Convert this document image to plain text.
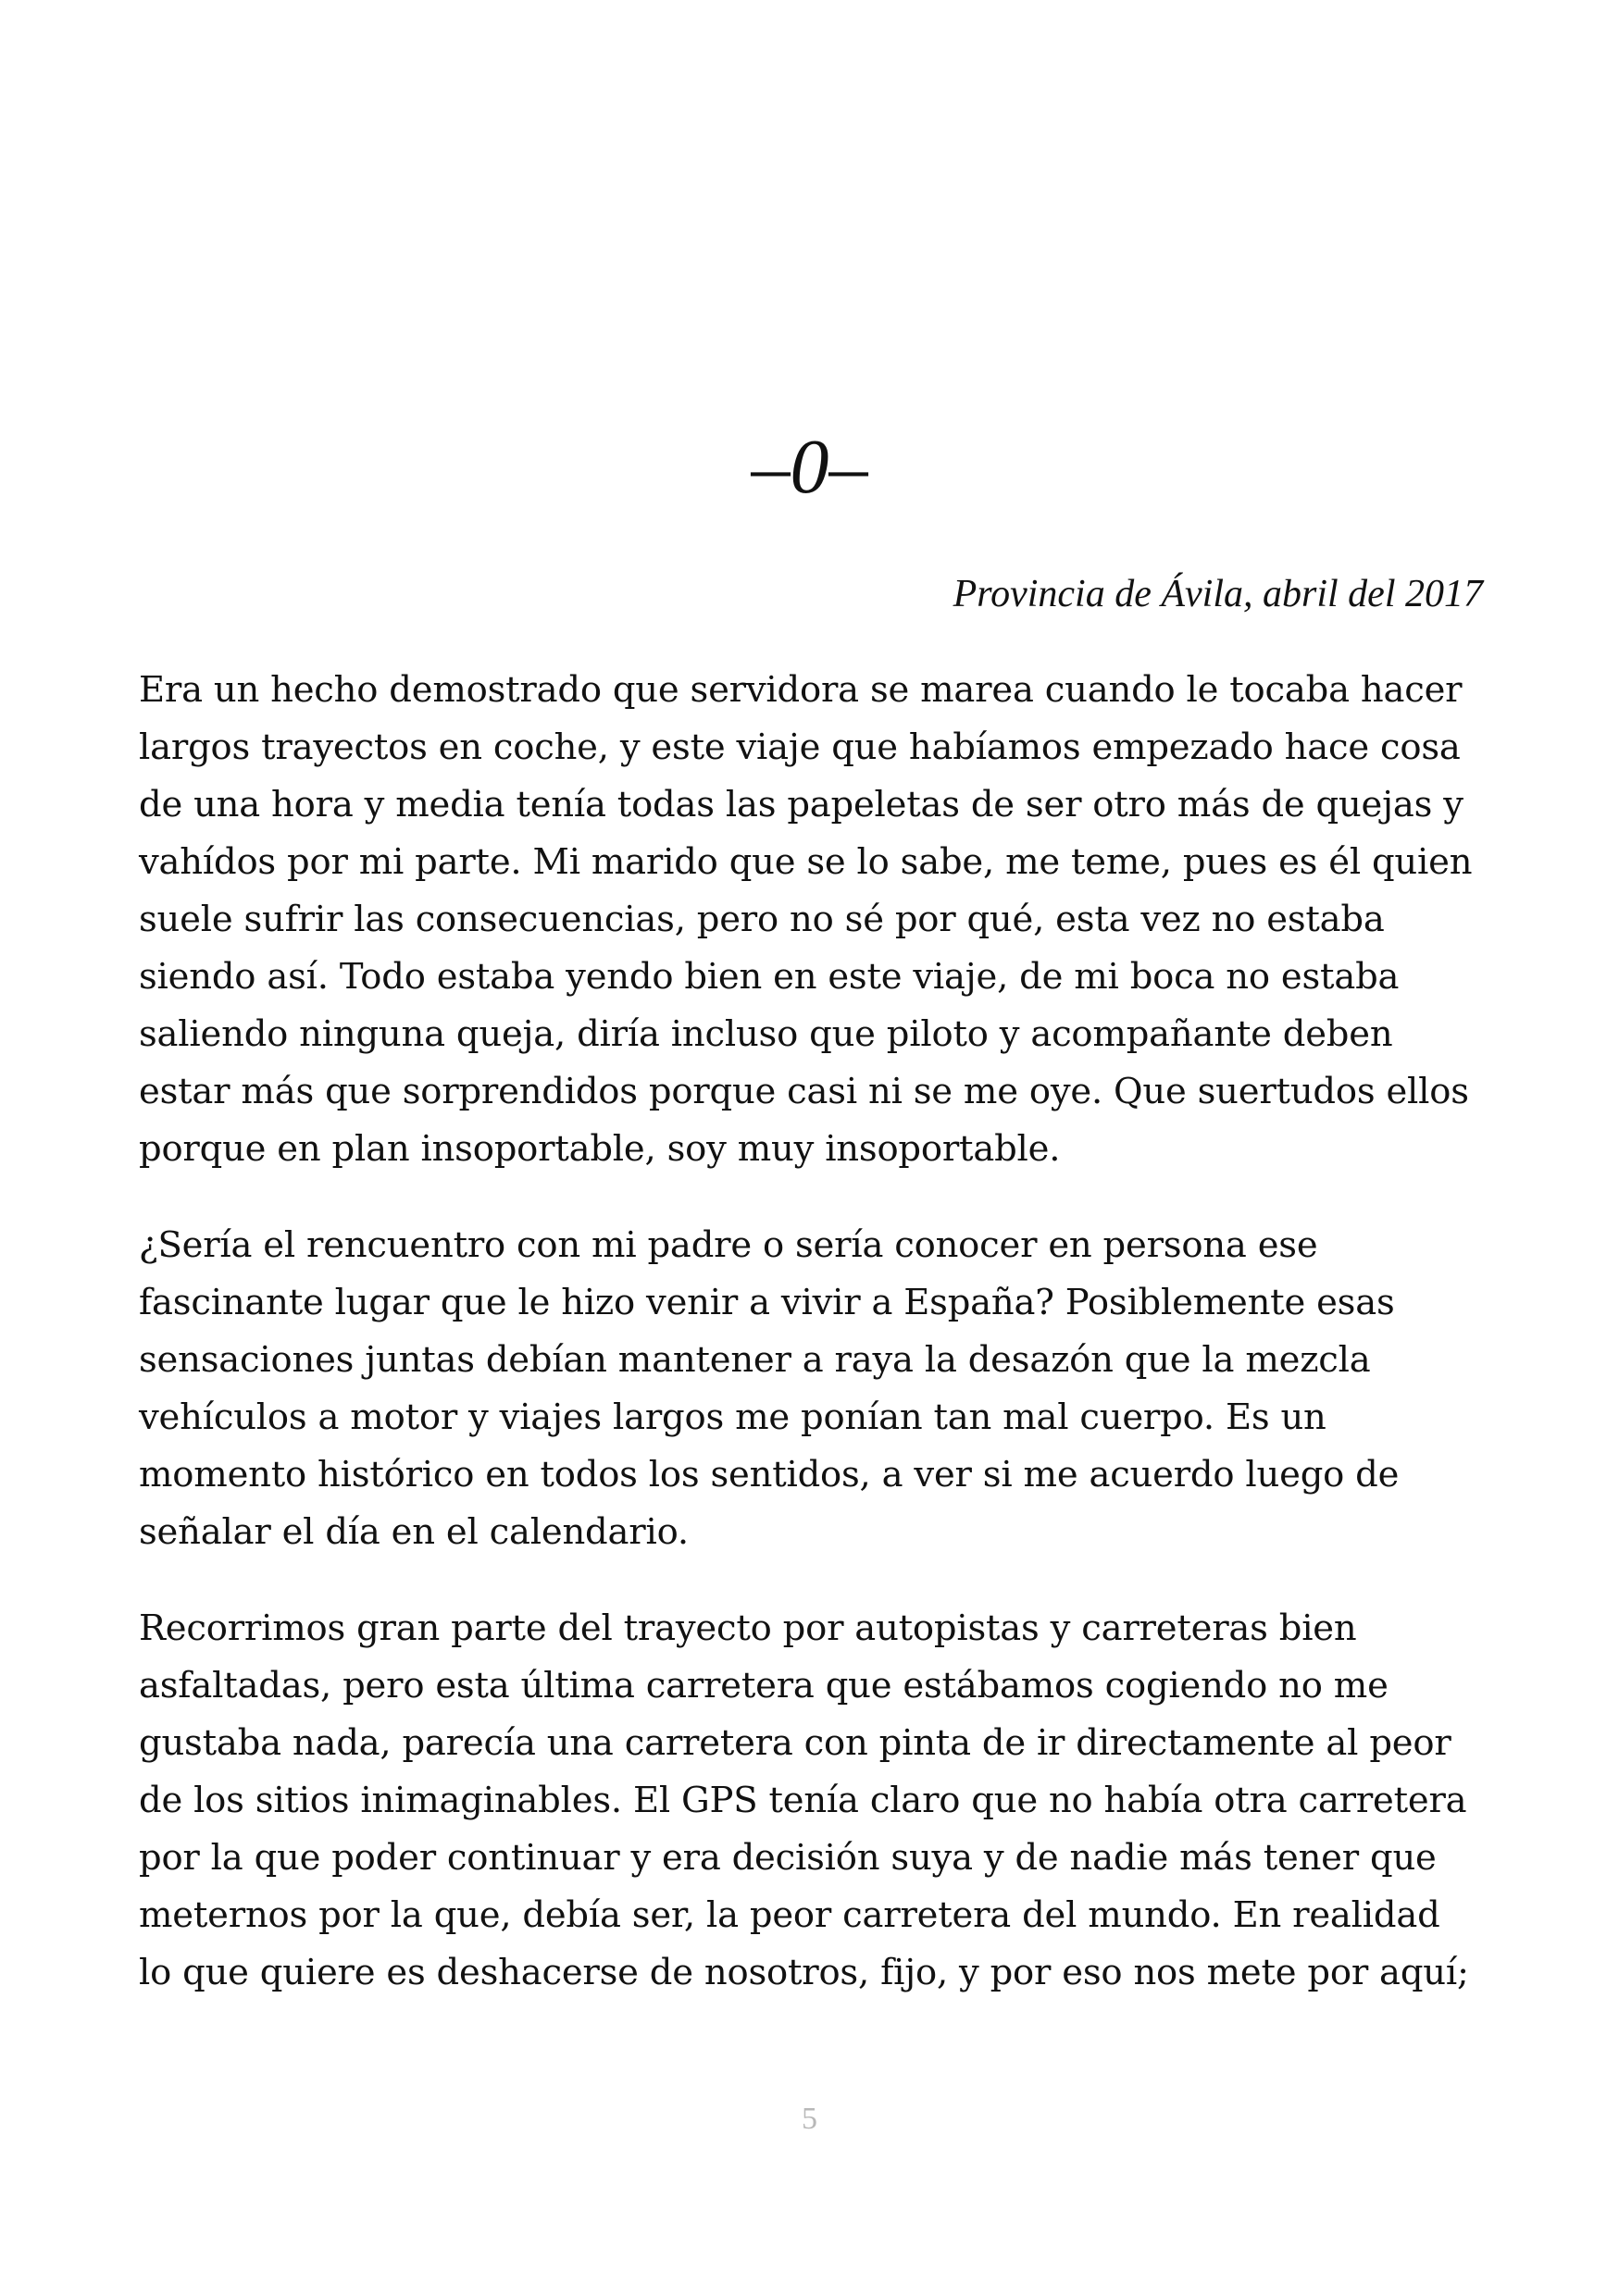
–0–

Provincia de Ávila, abril del 2017

Era un hecho demostrado que servidora se marea cuando le tocaba hacer
largos trayectos en coche, y este viaje que habíamos empezado hace cosa
de una hora y media tenía todas las papeletas de ser otro más de quejas y
vahídos por mi parte. Mi marido que se lo sabe, me teme, pues es él quien
suele sufrir las consecuencias, pero no sé por qué, esta vez no estaba
siendo así. Todo estaba yendo bien en este viaje, de mi boca no estaba
saliendo ninguna queja, diría incluso que piloto y acompañante deben
estar más que sorprendidos porque casi ni se me oye. Que suertudos ellos
porque en plan insoportable, soy muy insoportable.

¿Sería el rencuentro con mi padre o sería conocer en persona ese
fascinante lugar que le hizo venir a vivir a España? Posiblemente esas
sensaciones juntas debían mantener a raya la desazón que la mezcla
vehículos a motor y viajes largos me ponían tan mal cuerpo. Es un
momento histórico en todos los sentidos, a ver si me acuerdo luego de
señalar el día en el calendario.

Recorrimos gran parte del trayecto por autopistas y carreteras bien
asfaltadas, pero esta última carretera que estábamos cogiendo no me
gustaba nada, parecía una carretera con pinta de ir directamente al peor
de los sitios inimaginables. El GPS tenía claro que no había otra carretera
por la que poder continuar y era decisión suya y de nadie más tener que
meternos por la que, debía ser, la peor carretera del mundo. En realidad
lo que quiere es deshacerse de nosotros, fijo, y por eso nos mete por aquí;

5
